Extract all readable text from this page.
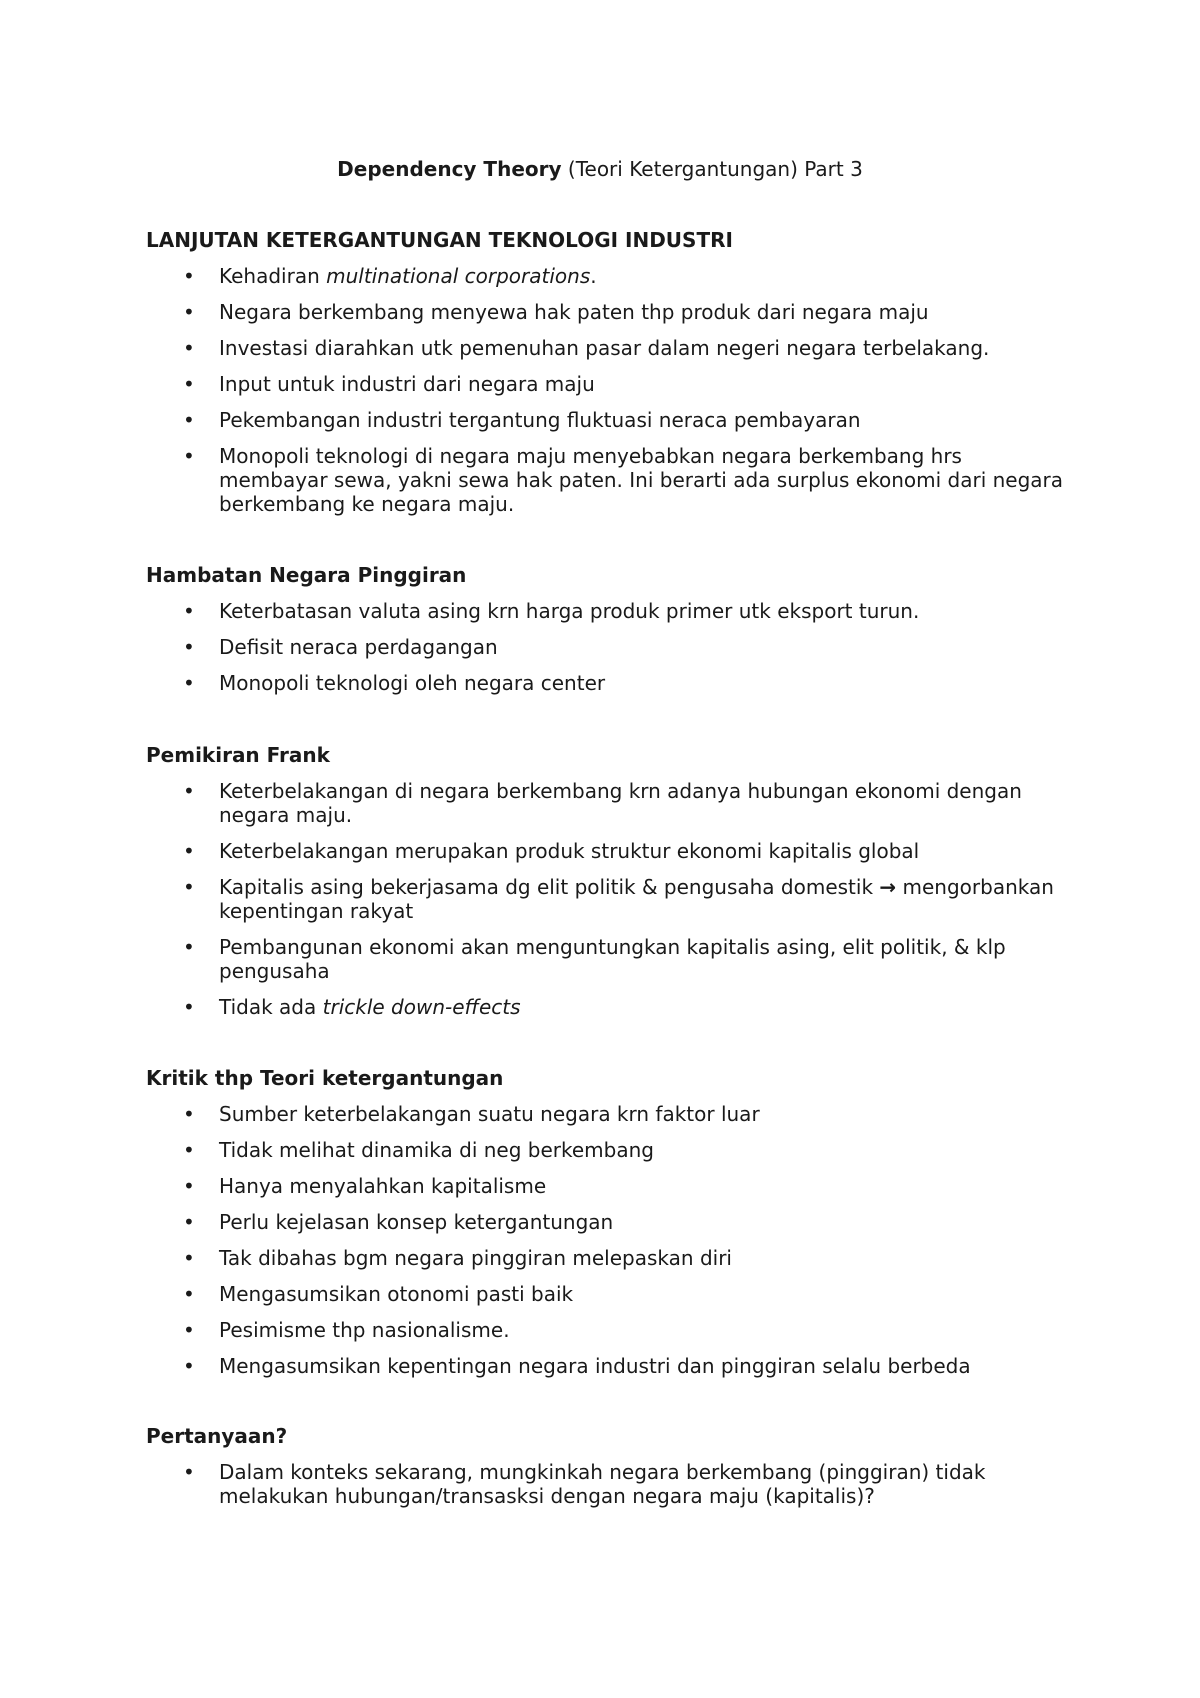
Dependency Theory (Teori Ketergantungan) Part 3
LANJUTAN KETERGANTUNGAN TEKNOLOGI INDUSTRI
• Kehadiran multinational corporations.
• Negara berkembang menyewa hak paten thp produk dari negara maju
• Investasi diarahkan utk pemenuhan pasar dalam negeri negara terbelakang.
• Input untuk industri dari negara maju
• Pekembangan industri tergantung fluktuasi neraca pembayaran
• Monopoli teknologi di negara maju menyebabkan negara berkembang hrs membayar sewa, yakni sewa hak paten. Ini berarti ada surplus ekonomi dari negara berkembang ke negara maju.
Hambatan Negara Pinggiran
• Keterbatasan valuta asing krn harga produk primer utk eksport turun.
• Defisit neraca perdagangan
• Monopoli teknologi oleh negara center
Pemikiran Frank
• Keterbelakangan di negara berkembang krn adanya hubungan ekonomi dengan negara maju.
• Keterbelakangan merupakan produk struktur ekonomi kapitalis global
• Kapitalis asing bekerjasama dg elit politik & pengusaha domestik → mengorbankan kepentingan rakyat
• Pembangunan ekonomi akan menguntungkan kapitalis asing, elit politik, & klp pengusaha
• Tidak ada trickle down-effects
Kritik thp Teori ketergantungan
• Sumber keterbelakangan suatu negara krn faktor luar
• Tidak melihat dinamika di neg berkembang
• Hanya menyalahkan kapitalisme
• Perlu kejelasan konsep ketergantungan
• Tak dibahas bgm negara pinggiran melepaskan diri
• Mengasumsikan otonomi pasti baik
• Pesimisme thp nasionalisme.
• Mengasumsikan kepentingan negara industri dan pinggiran selalu berbeda
Pertanyaan?
• Dalam konteks sekarang, mungkinkah negara berkembang (pinggiran) tidak melakukan hubungan/transasksi dengan negara maju (kapitalis)?
